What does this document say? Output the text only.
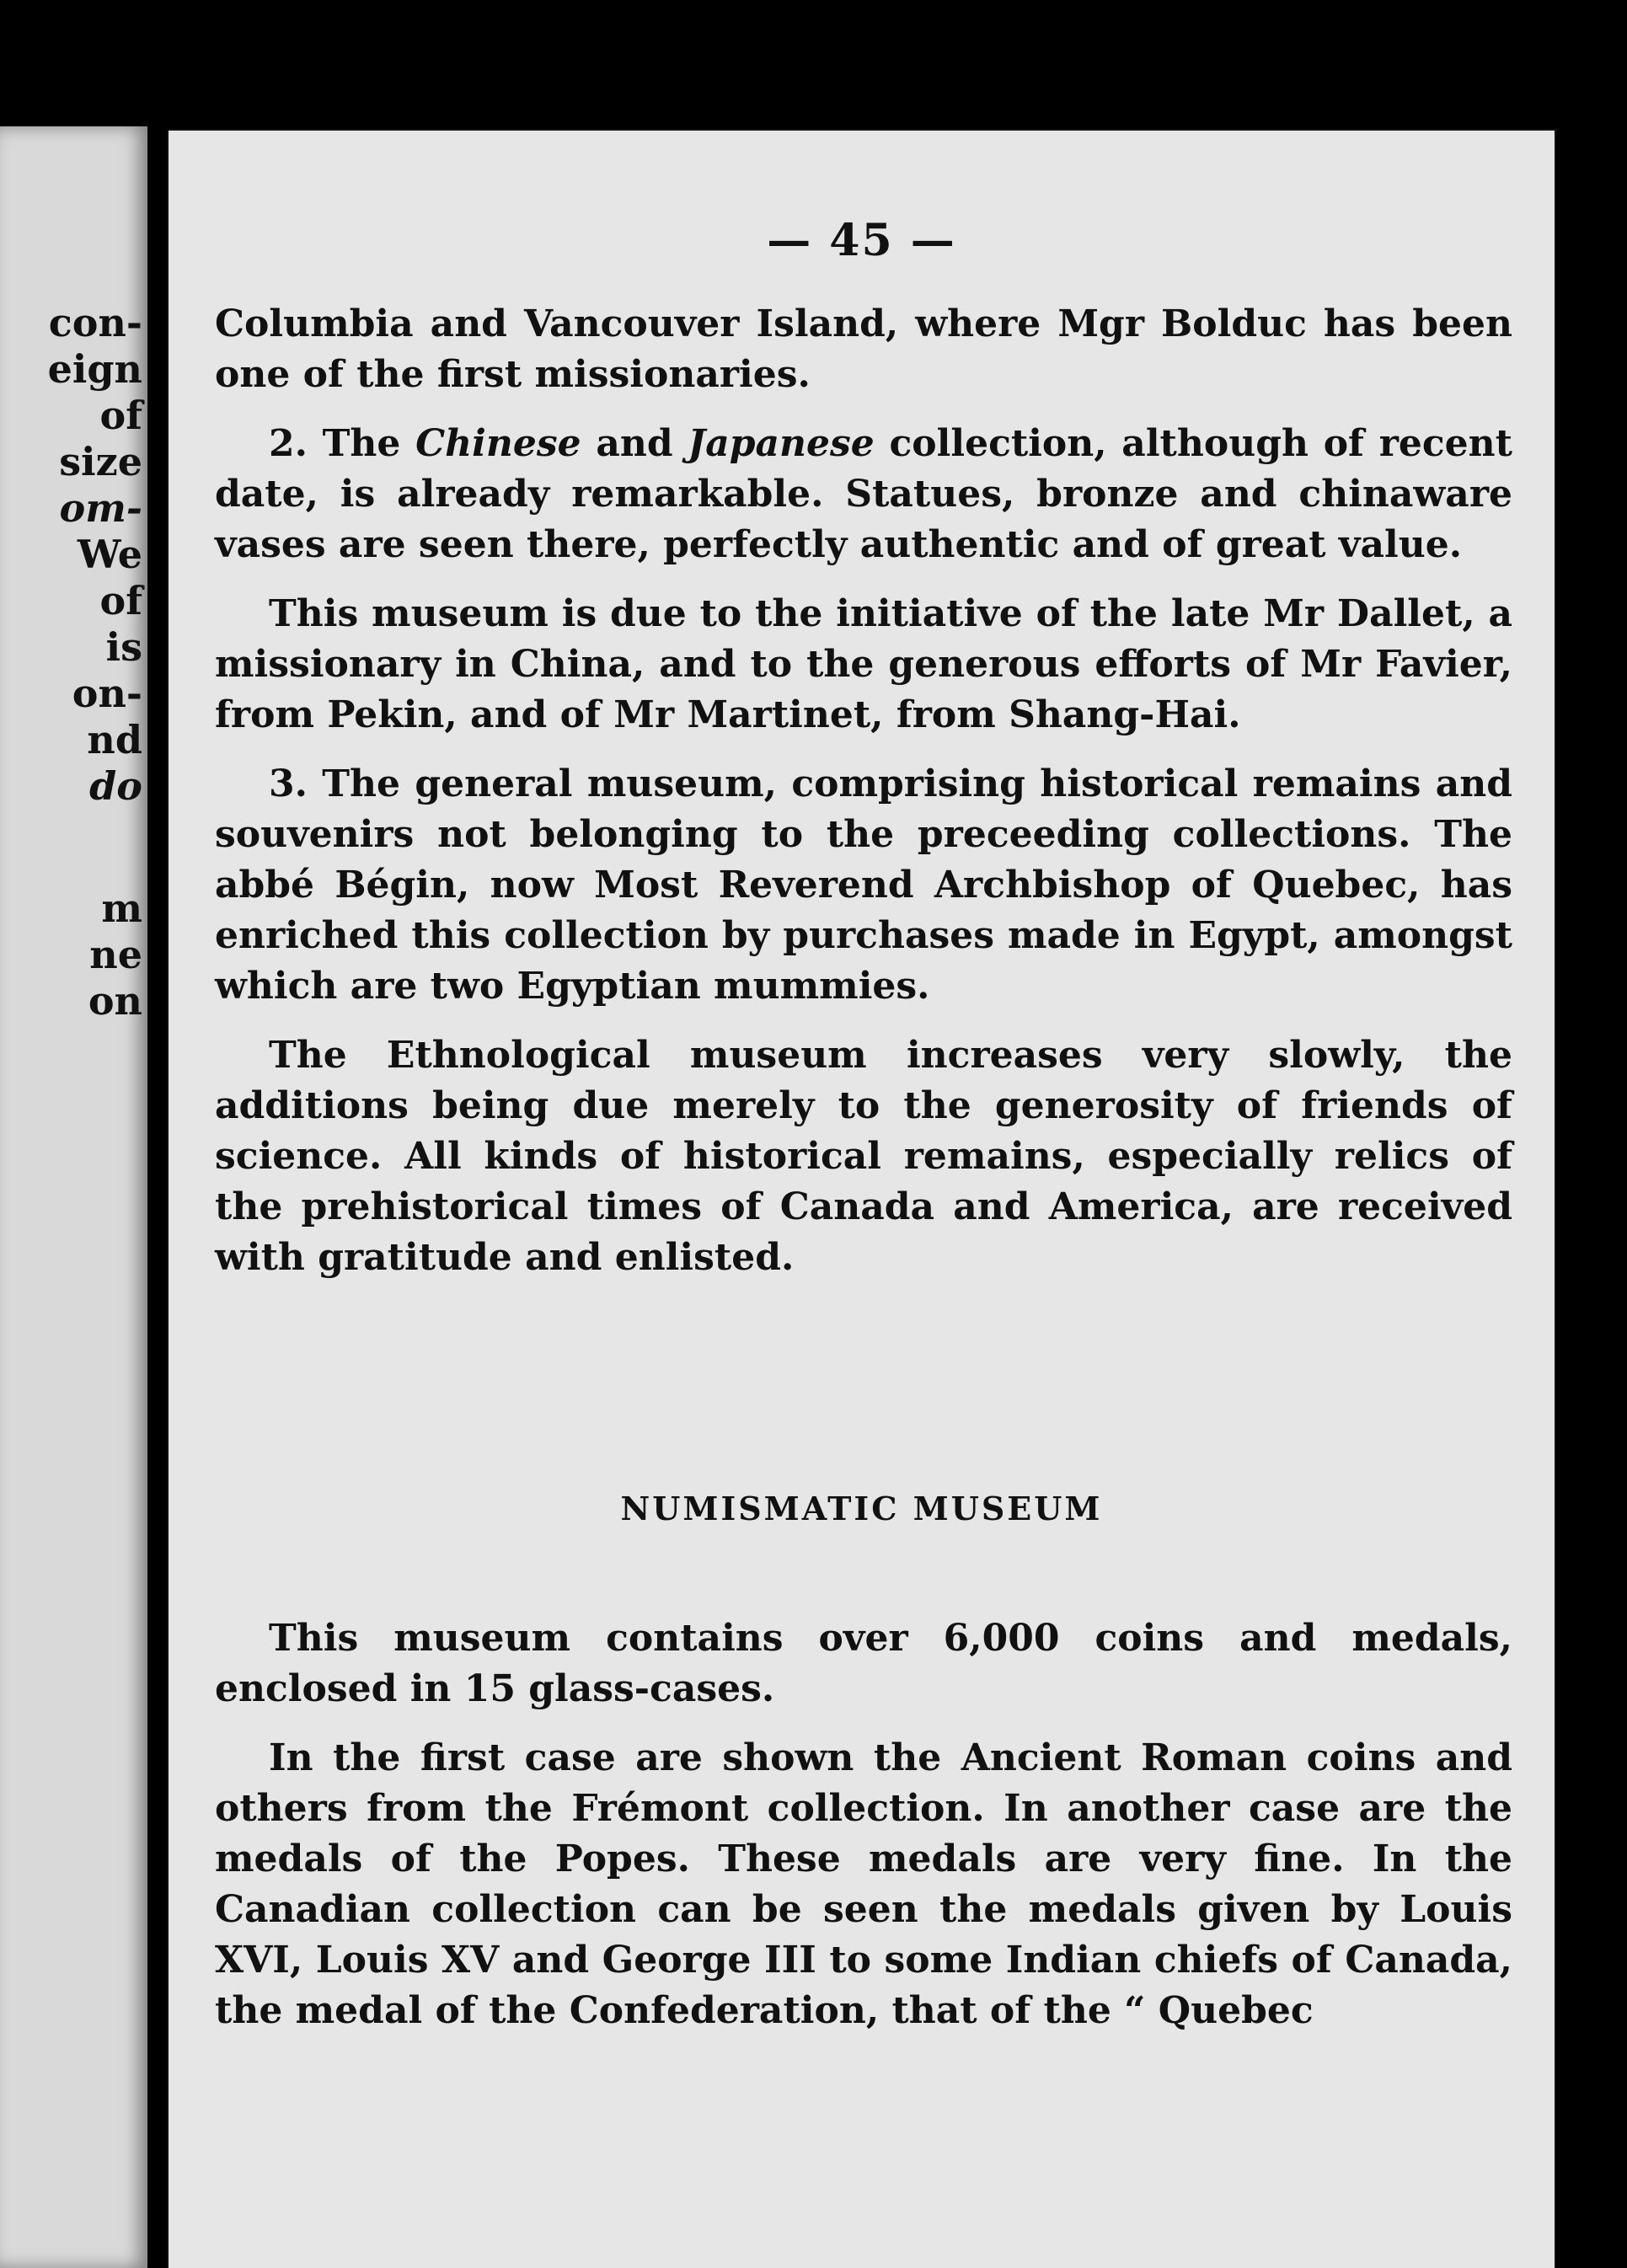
con-

eign

of

size

om-

We

of

is

on-

nd

do

m

ne

on

— 45 —

Columbia and Vancouver Island, where Mgr Bolduc has been one of the first missionaries.

2. The Chinese and Japanese collection, although of recent date, is already remarkable. Statues, bronze and chinaware vases are seen there, perfectly authentic and of great value.

This museum is due to the initiative of the late Mr Dallet, a missionary in China, and to the generous efforts of Mr Favier, from Pekin, and of Mr Martinet, from Shang-Hai.

3. The general museum, comprising historical remains and souvenirs not belonging to the preceeding collections. The abbé Bégin, now Most Reverend Archbishop of Quebec, has enriched this collection by purchases made in Egypt, amongst which are two Egyptian mummies.

The Ethnological museum increases very slowly, the additions being due merely to the generosity of friends of science. All kinds of historical remains, especially relics of the prehistorical times of Canada and America, are received with gratitude and enlisted.

NUMISMATIC MUSEUM

This museum contains over 6,000 coins and medals, enclosed in 15 glass-cases.

In the first case are shown the Ancient Roman coins and others from the Frémont collection. In another case are the medals of the Popes. These medals are very fine. In the Canadian collection can be seen the medals given by Louis XVI, Louis XV and George III to some Indian chiefs of Canada, the medal of the Confederation, that of the “ Quebec
